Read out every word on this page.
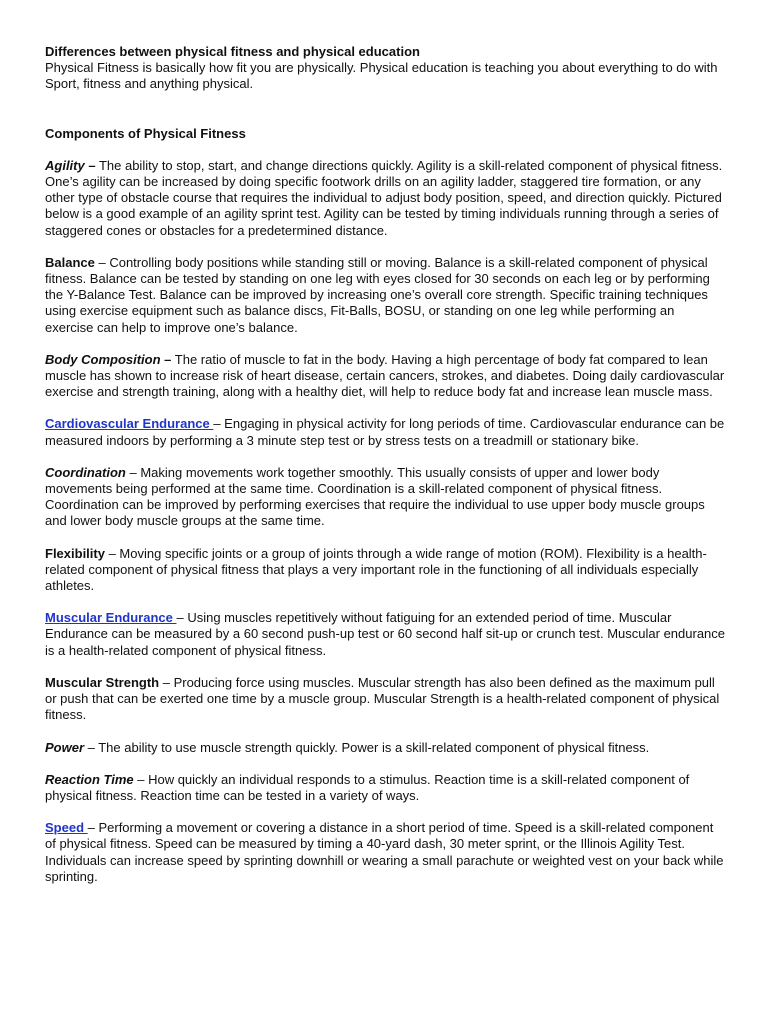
Differences between physical fitness and physical education

Physical Fitness is basically how fit you are physically. Physical education is teaching you about everything to do with Sport, fitness and anything physical.

Components of Physical Fitness

Agility – The ability to stop, start, and change directions quickly. Agility is a skill-related component of physical fitness. One’s agility can be increased by doing specific footwork drills on an agility ladder, staggered tire formation, or any other type of obstacle course that requires the individual to adjust body position, speed, and direction quickly. Pictured below is a good example of an agility sprint test. Agility can be tested by timing individuals running through a series of staggered cones or obstacles for a predetermined distance.

Balance – Controlling body positions while standing still or moving. Balance is a skill-related component of physical fitness. Balance can be tested by standing on one leg with eyes closed for 30 seconds on each leg or by performing the Y-Balance Test. Balance can be improved by increasing one’s overall core strength. Specific training techniques using exercise equipment such as balance discs, Fit-Balls, BOSU, or standing on one leg while performing an exercise can help to improve one’s balance.

Body Composition – The ratio of muscle to fat in the body. Having a high percentage of body fat compared to lean muscle has shown to increase risk of heart disease, certain cancers, strokes, and diabetes. Doing daily cardiovascular exercise and strength training, along with a healthy diet, will help to reduce body fat and increase lean muscle mass.

Cardiovascular Endurance – Engaging in physical activity for long periods of time. Cardiovascular endurance can be measured indoors by performing a 3 minute step test or by stress tests on a treadmill or stationary bike.

Coordination – Making movements work together smoothly. This usually consists of upper and lower body movements being performed at the same time. Coordination is a skill-related component of physical fitness. Coordination can be improved by performing exercises that require the individual to use upper body muscle groups and lower body muscle groups at the same time.

Flexibility – Moving specific joints or a group of joints through a wide range of motion (ROM). Flexibility is a health-related component of physical fitness that plays a very important role in the functioning of all individuals especially athletes.

Muscular Endurance – Using muscles repetitively without fatiguing for an extended period of time. Muscular Endurance can be measured by a 60 second push-up test or 60 second half sit-up or crunch test. Muscular endurance is a health-related component of physical fitness.

Muscular Strength – Producing force using muscles. Muscular strength has also been defined as the maximum pull or push that can be exerted one time by a muscle group. Muscular Strength is a health-related component of physical fitness.

Power – The ability to use muscle strength quickly. Power is a skill-related component of physical fitness.

Reaction Time – How quickly an individual responds to a stimulus. Reaction time is a skill-related component of physical fitness. Reaction time can be tested in a variety of ways.

Speed – Performing a movement or covering a distance in a short period of time. Speed is a skill-related component of physical fitness. Speed can be measured by timing a 40-yard dash, 30 meter sprint, or the Illinois Agility Test. Individuals can increase speed by sprinting downhill or wearing a small parachute or weighted vest on your back while sprinting.
